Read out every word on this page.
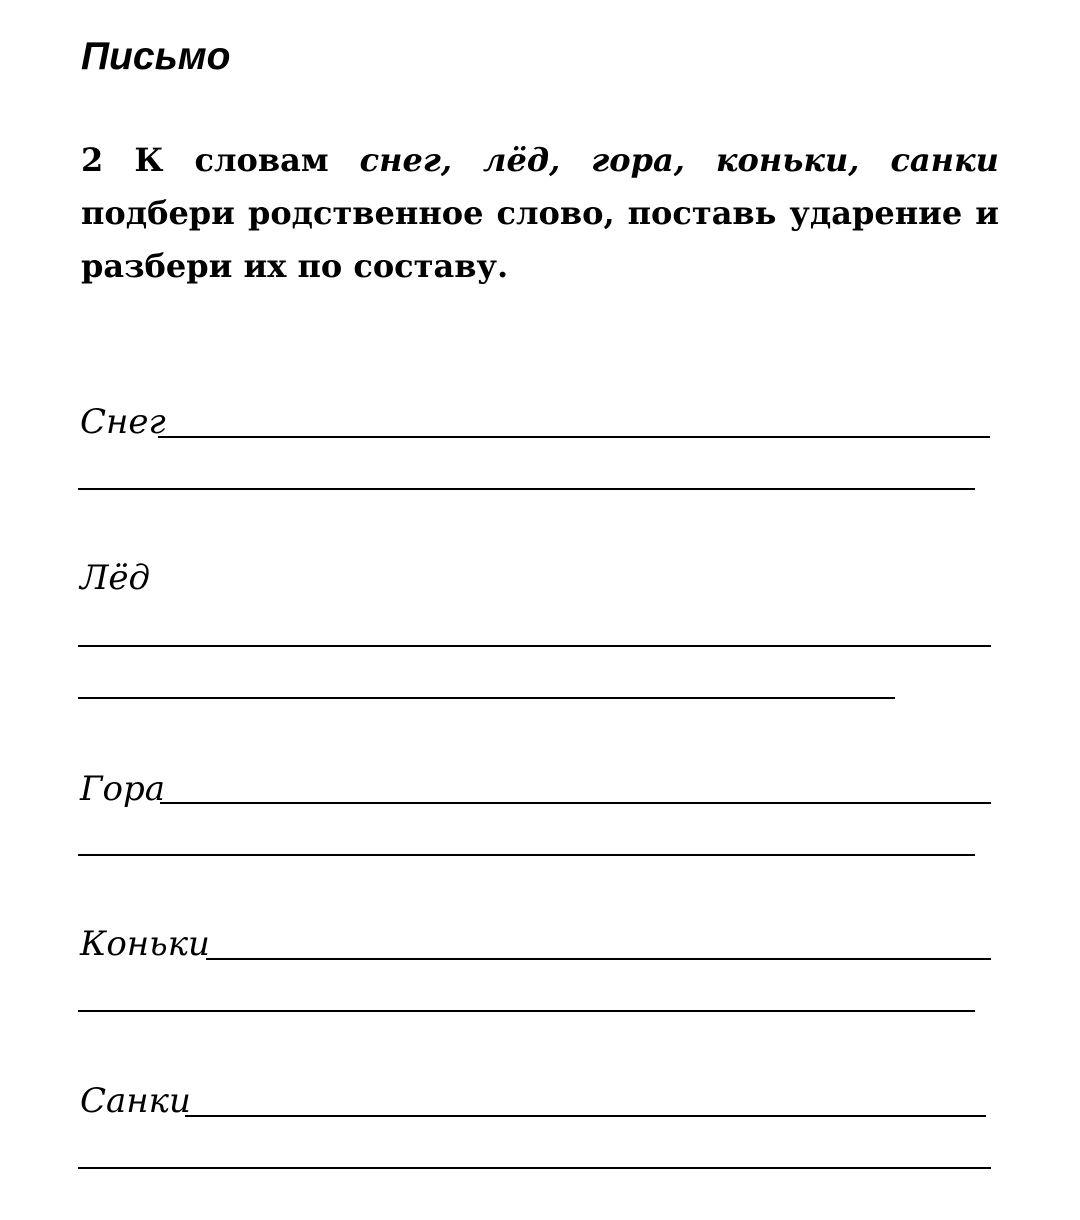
Письмо
2 К словам снег, лёд, гора, коньки, санки
подбери родственное слово, поставь ударение и
разбери их по составу.
Снег
Лёд
Гора
Коньки
Санки
